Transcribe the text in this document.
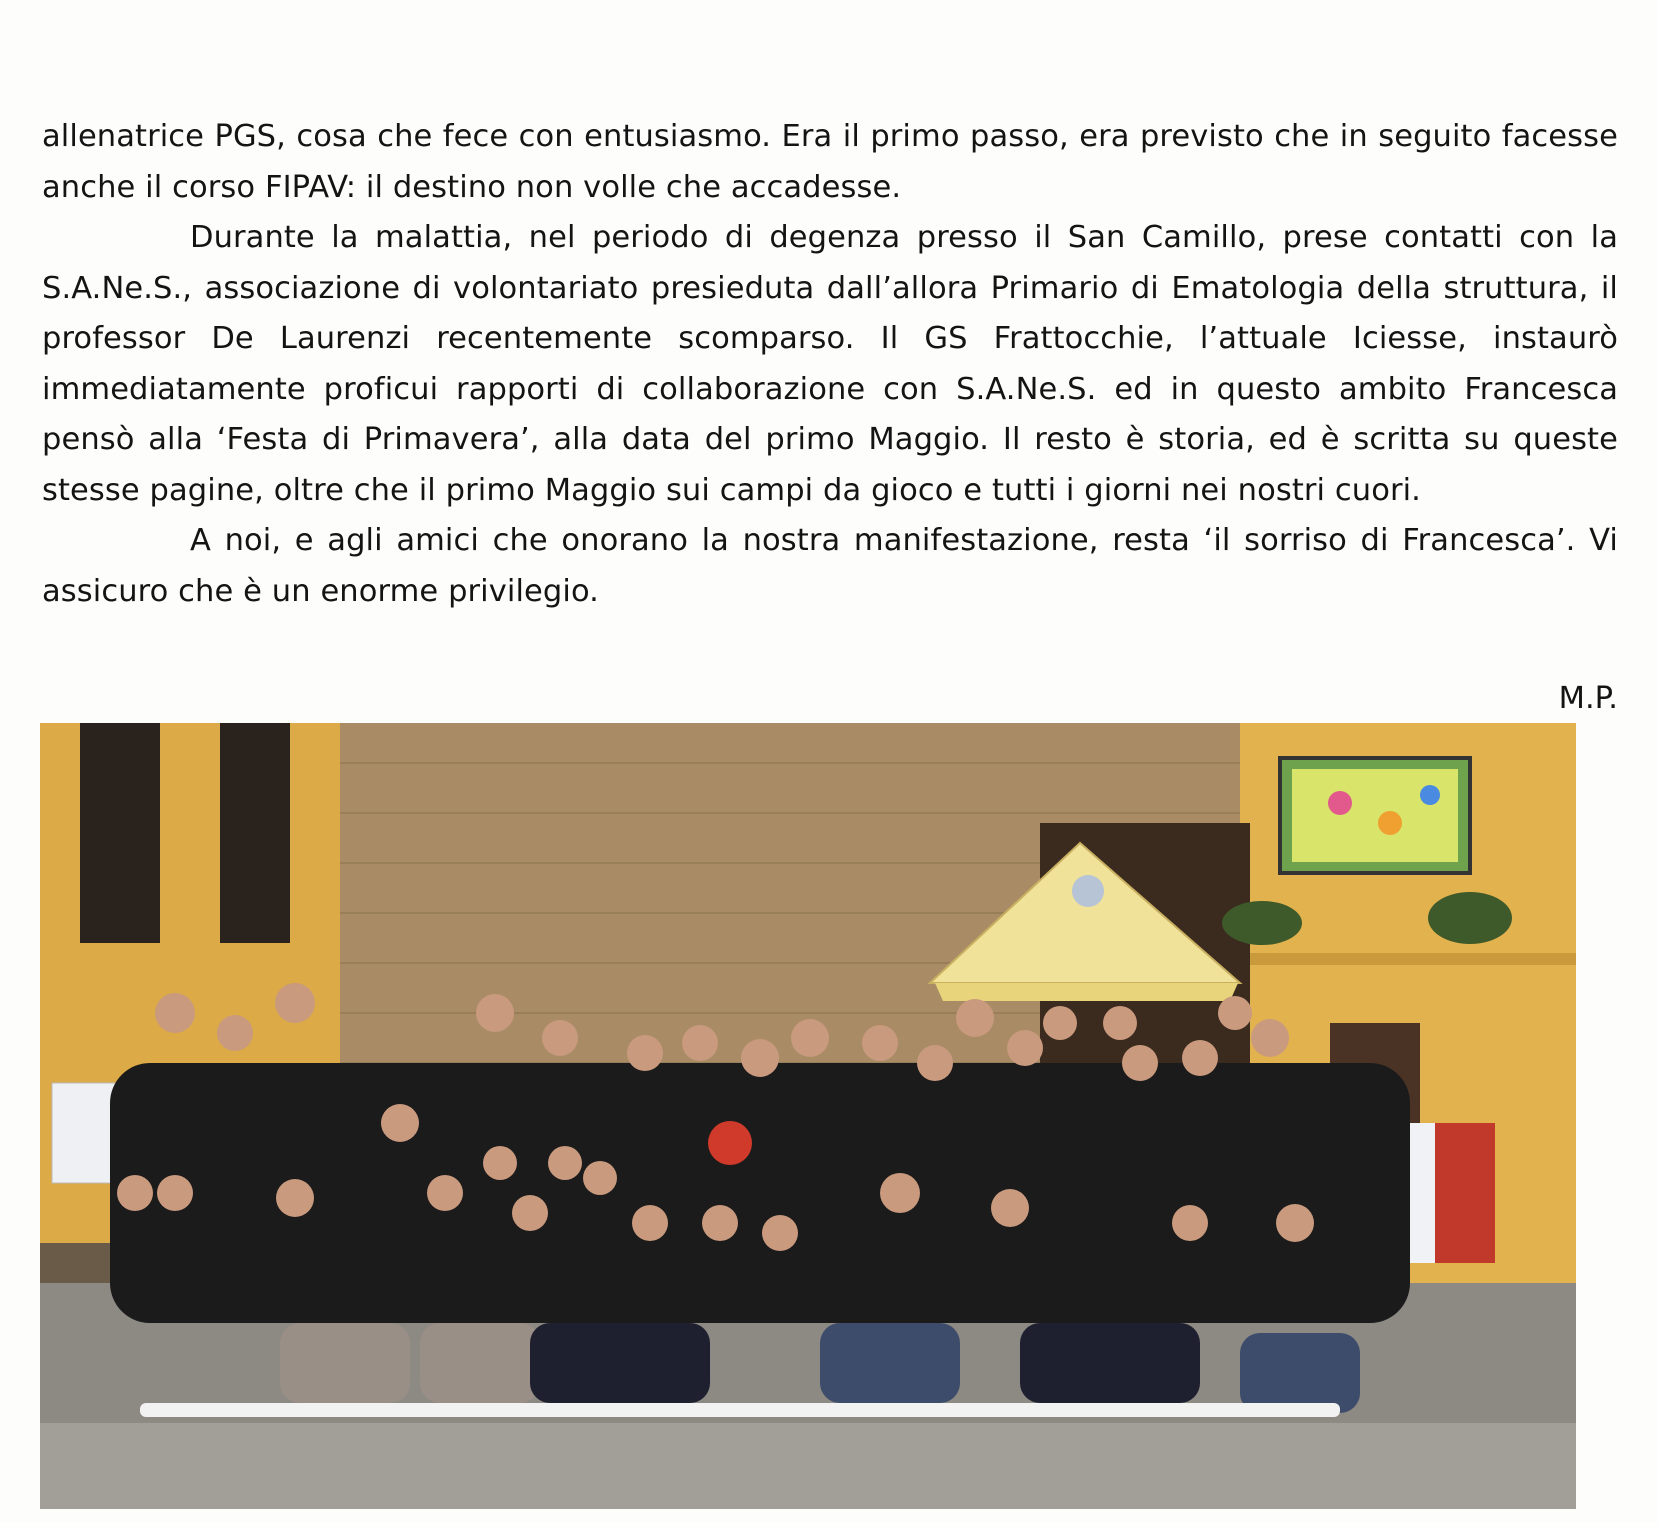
allenatrice PGS, cosa che fece con entusiasmo. Era il primo passo, era previsto che in seguito facesse anche il corso FIPAV: il destino non volle che accadesse.

Durante la malattia, nel periodo di degenza presso il San Camillo, prese contatti con la S.A.Ne.S., associazione di volontariato presieduta dall’allora Primario di Ematologia della struttura, il professor De Laurenzi recentemente scomparso. Il GS Frattocchie, l’attuale Iciesse, instaurò immediatamente proficui rapporti di collaborazione con S.A.Ne.S. ed in questo ambito Francesca pensò alla ‘Festa di Primavera’, alla data del primo Maggio. Il resto è storia, ed è scritta su queste stesse pagine, oltre che il primo Maggio sui campi da gioco e tutti i giorni nei nostri cuori.

A noi, e agli amici che onorano la nostra manifestazione, resta ‘il sorriso di Francesca’. Vi assicuro che è un enorme privilegio.

M.P.
